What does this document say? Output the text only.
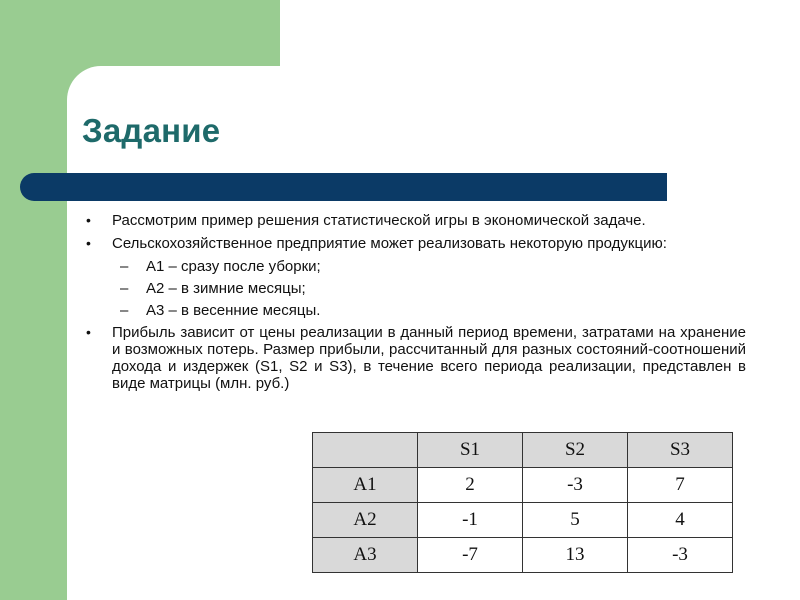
Задание
• Рассмотрим пример решения статистической игры в экономической задаче.
• Сельскохозяйственное предприятие может реализовать некоторую продукцию:
– А1 – сразу после уборки;
– А2 – в зимние месяцы;
– А3 – в весенние месяцы.
• Прибыль зависит от цены реализации в данный период времени, затратами на хранение и возможных потерь. Размер прибыли, рассчитанный для разных состояний-соотношений дохода и издержек (S1, S2 и S3), в течение всего периода реализации, представлен в виде матрицы (млн. руб.)
	S1	S2	S3
А1	2	-3	7
А2	-1	5	4
А3	-7	13	-3
